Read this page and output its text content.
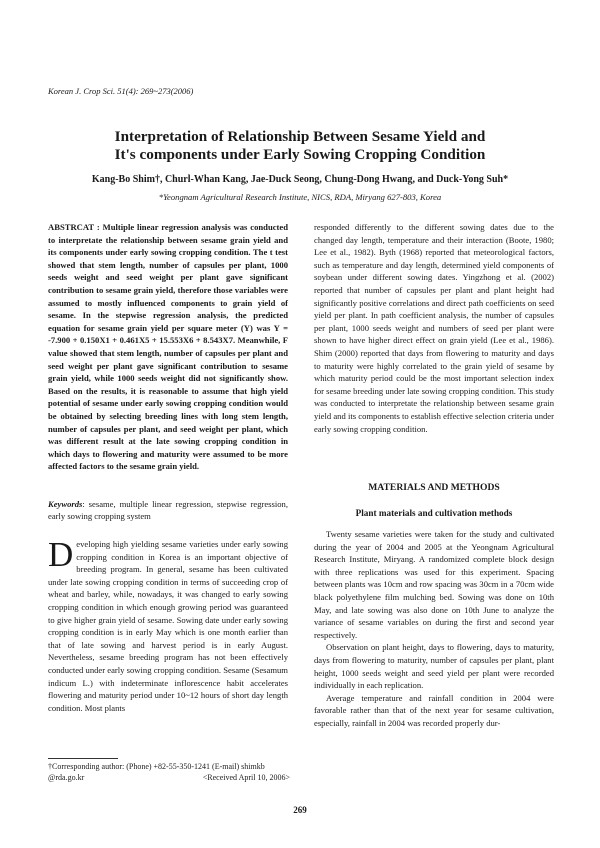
Korean J. Crop Sci. 51(4): 269~273(2006)
Interpretation of Relationship Between Sesame Yield and
It's components under Early Sowing Cropping Condition
Kang-Bo Shim†, Churl-Whan Kang, Jae-Duck Seong, Chung-Dong Hwang, and Duck-Yong Suh*
*Yeongnam Agricultural Research Institute, NICS, RDA, Miryang 627-803, Korea

ABSTRCAT : Multiple linear regression analysis was conducted to interpretate the relationship between sesame grain yield and its components under early sowing cropping condition. The t test showed that stem length, number of capsules per plant, 1000 seeds weight and seed weight per plant gave significant contribution to sesame grain yield, therefore those variables were assumed to mostly influenced components to grain yield of sesame. In the stepwise regression analysis, the predicted equation for sesame grain yield per square meter (Y) was Y = -7.900 + 0.150X1 + 0.461X5 + 15.553X6 + 8.543X7. Meanwhile, F value showed that stem length, number of capsules per plant and seed weight per plant gave significant contribution to sesame grain yield, while 1000 seeds weight did not significantly show. Based on the results, it is reasonable to assume that high yield potential of sesame under early sowing cropping condition would be obtained by selecting breeding lines with long stem length, number of capsules per plant, and seed weight per plant, which was different result at the late sowing cropping condition in which days to flowering and maturity were assumed to be more affected factors to the sesame grain yield.

Keywords: sesame, multiple linear regression, stepwise regression, early sowing cropping system
D eveloping high yielding sesame varieties under early sowing cropping condition in Korea is an important objective of breeding program. In general, sesame has been cultivated under late sowing cropping condition in terms of succeeding crop of wheat and barley, while, nowadays, it was changed to early sowing cropping condition in which enough growing period was guaranteed to give higher grain yield of sesame. Sowing date under early sowing cropping condition is in early May which is one month earlier than that of late sowing and harvest period is in early August. Nevertheless, sesame breeding program has not been effectively conducted under early sowing cropping condition. Sesame (Sesamum indicum L.) with indeterminate inflorescence habit accelerates flowering and maturity period under 10~12 hours of short day length condition. Most plants

†Corresponding author: (Phone) +82-55-350-1241 (E-mail) shimkb
@rda.go.kr	<Received April 10, 2006>

responded differently to the different sowing dates due to the changed day length, temperature and their interaction (Boote, 1980; Lee et al., 1982). Byth (1968) reported that meteorological factors, such as temperature and day length, determined yield components of soybean under different sowing dates. Yingzhong et al. (2002) reported that number of capsules per plant and plant height had significantly positive correlations and direct path coefficients on seed yield per plant. In path coefficient analysis, the number of capsules per plant, 1000 seeds weight and numbers of seed per plant were shown to have higher direct effect on grain yield (Lee et al., 1986). Shim (2000) reported that days from flowering to maturity and days to maturity were highly correlated to the grain yield of sesame by which maturity period could be the most important selection index for sesame breeding under late sowing cropping condition. This study was conducted to interpretate the relationship between sesame grain yield and its components to establish effective selection criteria under early sowing cropping condition.

MATERIALS AND METHODS
Plant materials and cultivation methods

Twenty sesame varieties were taken for the study and cultivated during the year of 2004 and 2005 at the Yeongnam Agricultural Research Institute, Miryang. A randomized complete block design with three replications was used for this experiment. Spacing between plants was 10cm and row spacing was 30cm in a 70cm wide black polyethylene film mulching bed. Sowing was done on 10th May, and late sowing was also done on 10th June to analyze the variance of sesame variables on during the first and second year respectively.

Observation on plant height, days to flowering, days to maturity, days from flowering to maturity, number of capsules per plant, plant height, 1000 seeds weight and seed yield per plant were recorded individually in each replication.

Average temperature and rainfall condition in 2004 were favorable rather than that of the next year for sesame cultivation, especially, rainfall in 2004 was recorded properly dur-

269
